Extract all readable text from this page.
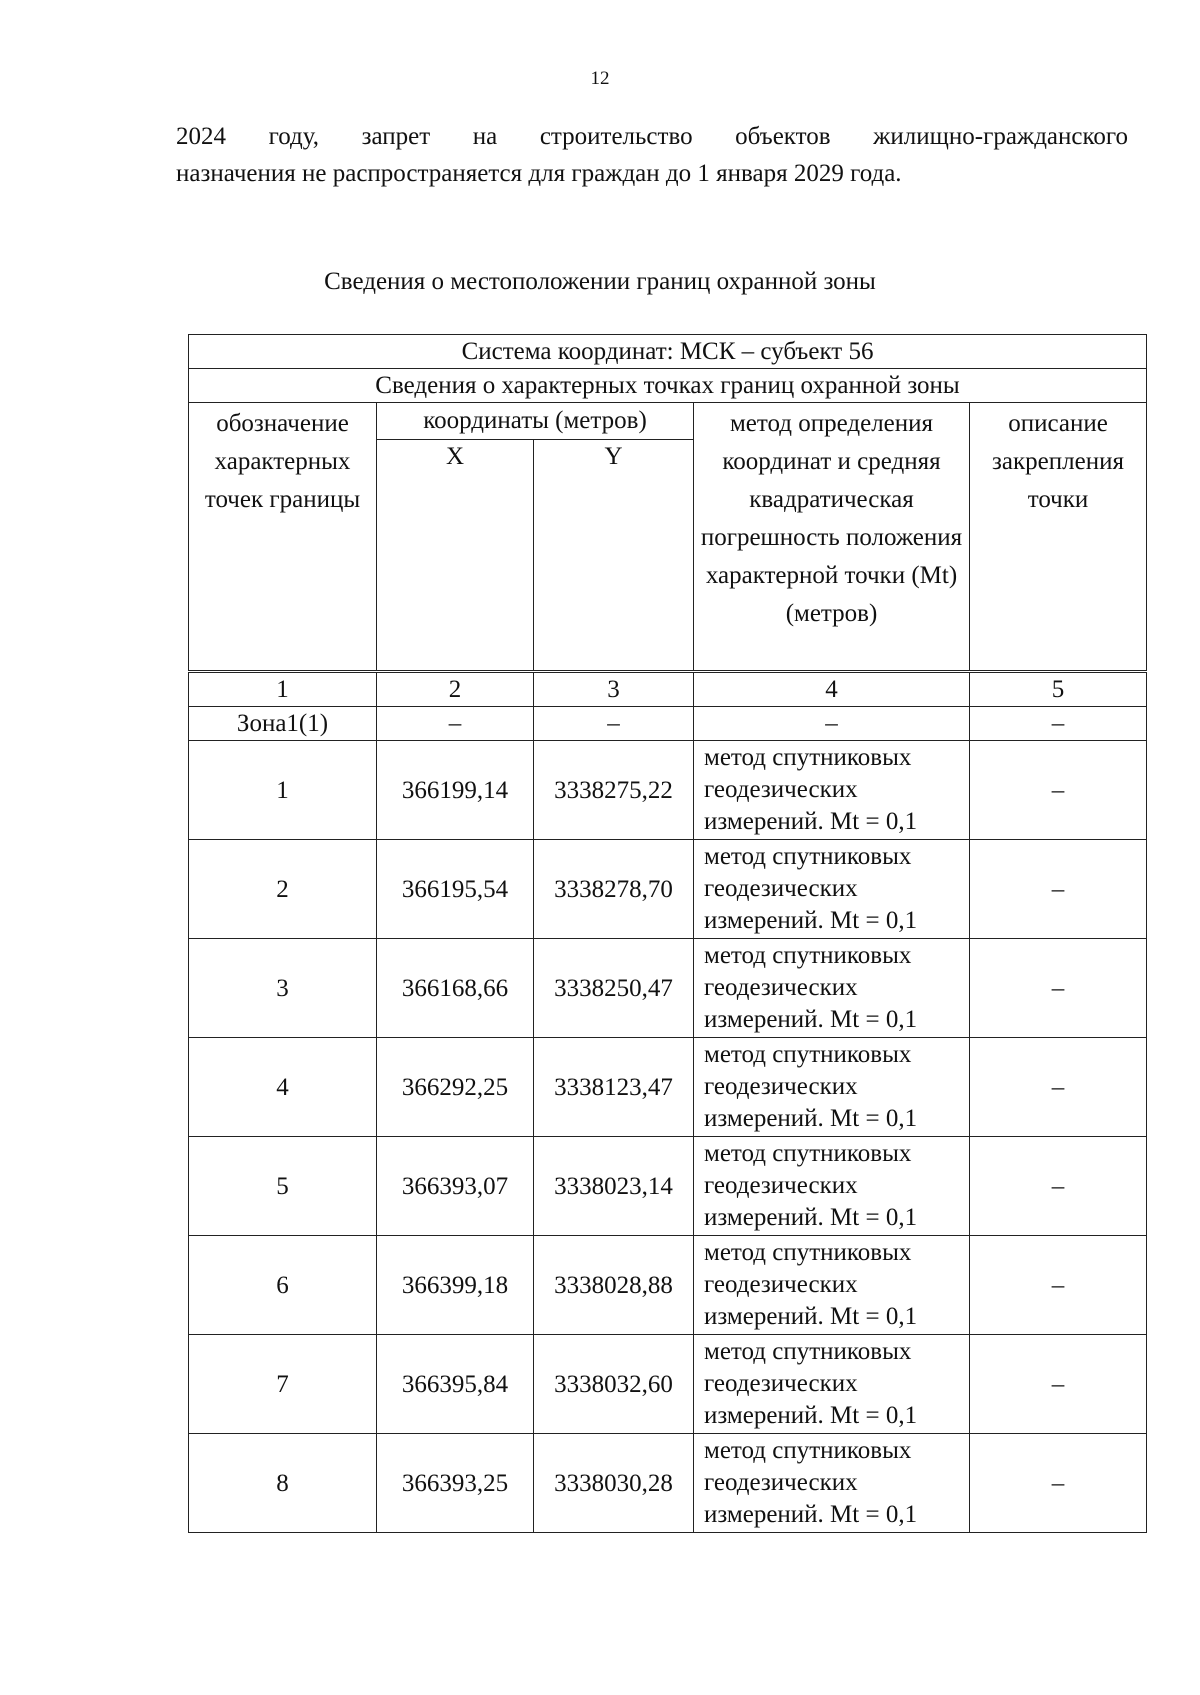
12
2024 году, запрет на строительство объектов жилищно-гражданского
назначения не распространяется для граждан до 1 января 2029 года.
Сведения о местоположении границ охранной зоны
Система координат: МСК – субъект 56				
Сведения о характерных точках границ охранной зоны				
обозначение характерных точек границы	координаты (метров)		метод определения координат и средняя квадратическая погрешность положения характерной точки (Mt) (метров)	описание закрепления точки
	X	Y		
1	2	3	4	5
Зона1(1)	–	–	–	–
1	366199,14	3338275,22	метод спутниковых геодезических измерений. Mt = 0,1	–
2	366195,54	3338278,70	метод спутниковых геодезических измерений. Mt = 0,1	–
3	366168,66	3338250,47	метод спутниковых геодезических измерений. Mt = 0,1	–
4	366292,25	3338123,47	метод спутниковых геодезических измерений. Mt = 0,1	–
5	366393,07	3338023,14	метод спутниковых геодезических измерений. Mt = 0,1	–
6	366399,18	3338028,88	метод спутниковых геодезических измерений. Mt = 0,1	–
7	366395,84	3338032,60	метод спутниковых геодезических измерений. Mt = 0,1	–
8	366393,25	3338030,28	метод спутниковых геодезических измерений. Mt = 0,1	–
